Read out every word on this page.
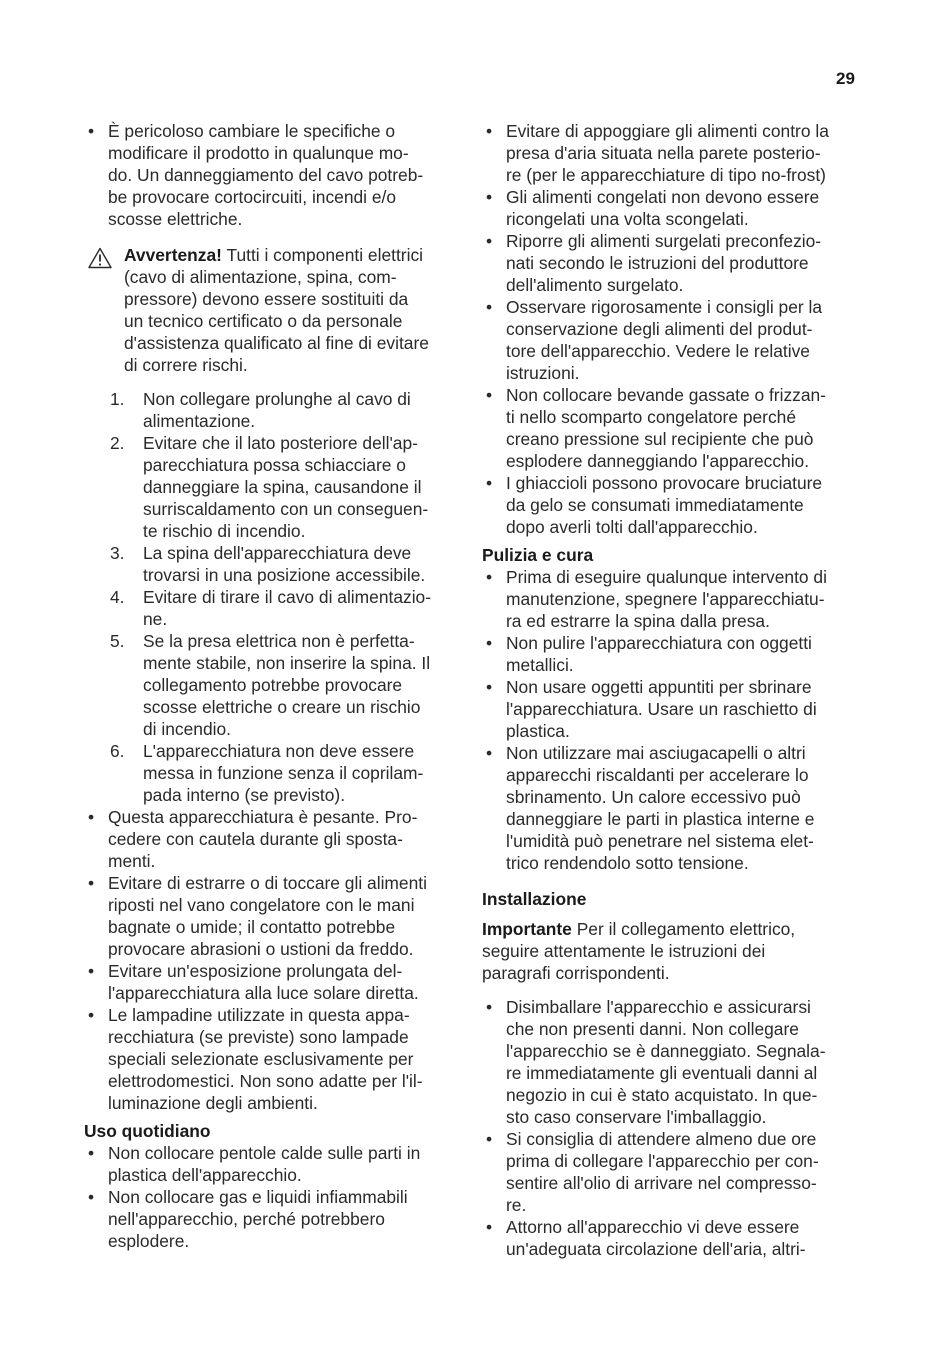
29
• È pericoloso cambiare le specifiche o
modificare il prodotto in qualunque mo-
do. Un danneggiamento del cavo potreb-
be provocare cortocircuiti, incendi e/o
scosse elettriche.
Avvertenza! Tutti i componenti elettrici
(cavo di alimentazione, spina, com-
pressore) devono essere sostituiti da
un tecnico certificato o da personale
d'assistenza qualificato al fine di evitare
di correre rischi.
1. Non collegare prolunghe al cavo di
alimentazione.
2. Evitare che il lato posteriore dell'ap-
parecchiatura possa schiacciare o
danneggiare la spina, causandone il
surriscaldamento con un conseguen-
te rischio di incendio.
3. La spina dell'apparecchiatura deve
trovarsi in una posizione accessibile.
4. Evitare di tirare il cavo di alimentazio-
ne.
5. Se la presa elettrica non è perfetta-
mente stabile, non inserire la spina. Il
collegamento potrebbe provocare
scosse elettriche o creare un rischio
di incendio.
6. L'apparecchiatura non deve essere
messa in funzione senza il coprilam-
pada interno (se previsto).
• Questa apparecchiatura è pesante. Pro-
cedere con cautela durante gli sposta-
menti.
• Evitare di estrarre o di toccare gli alimenti
riposti nel vano congelatore con le mani
bagnate o umide; il contatto potrebbe
provocare abrasioni o ustioni da freddo.
• Evitare un'esposizione prolungata del-
l'apparecchiatura alla luce solare diretta.
• Le lampadine utilizzate in questa appa-
recchiatura (se previste) sono lampade
speciali selezionate esclusivamente per
elettrodomestici. Non sono adatte per l'il-
luminazione degli ambienti.
Uso quotidiano
• Non collocare pentole calde sulle parti in
plastica dell'apparecchio.
• Non collocare gas e liquidi infiammabili
nell'apparecchio, perché potrebbero
esplodere.
• Evitare di appoggiare gli alimenti contro la
presa d'aria situata nella parete posterio-
re (per le apparecchiature di tipo no-frost)
• Gli alimenti congelati non devono essere
ricongelati una volta scongelati.
• Riporre gli alimenti surgelati preconfezio-
nati secondo le istruzioni del produttore
dell'alimento surgelato.
• Osservare rigorosamente i consigli per la
conservazione degli alimenti del produt-
tore dell'apparecchio. Vedere le relative
istruzioni.
• Non collocare bevande gassate o frizzan-
ti nello scomparto congelatore perché
creano pressione sul recipiente che può
esplodere danneggiando l'apparecchio.
• I ghiaccioli possono provocare bruciature
da gelo se consumati immediatamente
dopo averli tolti dall'apparecchio.
Pulizia e cura
• Prima di eseguire qualunque intervento di
manutenzione, spegnere l'apparecchiatu-
ra ed estrarre la spina dalla presa.
• Non pulire l'apparecchiatura con oggetti
metallici.
• Non usare oggetti appuntiti per sbrinare
l'apparecchiatura. Usare un raschietto di
plastica.
• Non utilizzare mai asciugacapelli o altri
apparecchi riscaldanti per accelerare lo
sbrinamento. Un calore eccessivo può
danneggiare le parti in plastica interne e
l'umidità può penetrare nel sistema elet-
trico rendendolo sotto tensione.
Installazione
Importante Per il collegamento elettrico,
seguire attentamente le istruzioni dei
paragrafi corrispondenti.
• Disimballare l'apparecchio e assicurarsi
che non presenti danni. Non collegare
l'apparecchio se è danneggiato. Segnala-
re immediatamente gli eventuali danni al
negozio in cui è stato acquistato. In que-
sto caso conservare l'imballaggio.
• Si consiglia di attendere almeno due ore
prima di collegare l'apparecchio per con-
sentire all'olio di arrivare nel compresso-
re.
• Attorno all'apparecchio vi deve essere
un'adeguata circolazione dell'aria, altri-
